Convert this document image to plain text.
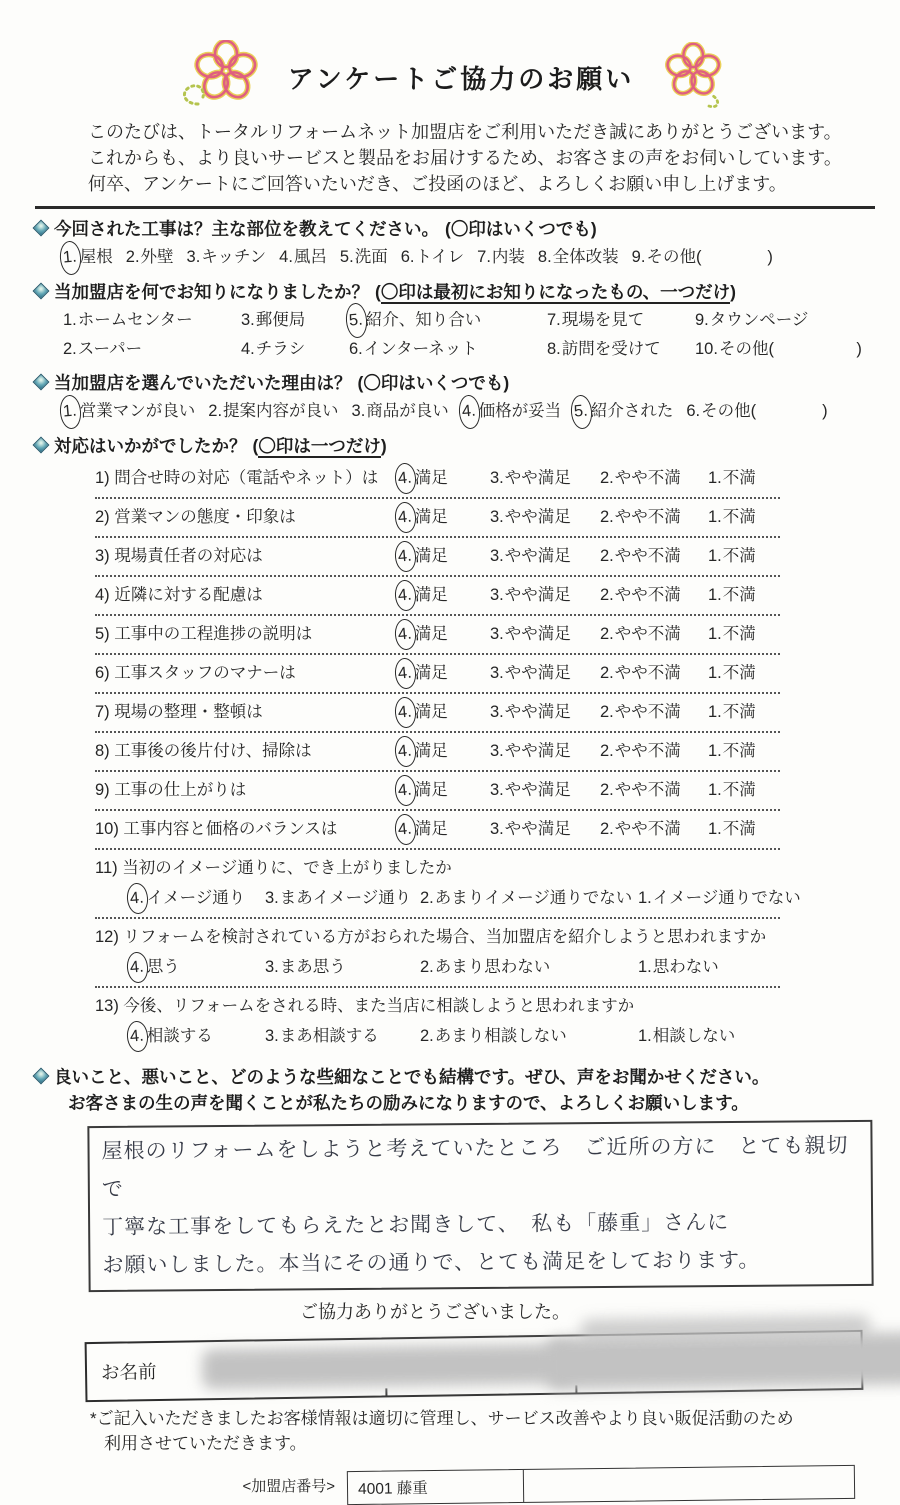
アンケートご協力のお願い

このたびは、トータルリフォームネット加盟店をご利用いただき誠にありがとうございます。

これからも、より良いサービスと製品をお届けするため、お客さまの声をお伺いしています。

何卒、アンケートにご回答いたいだき、ご投函のほど、よろしくお願い申し上げます。

今回された工事は？主な部位を教えてください。 (〇印はいくつでも)
1. 屋根 2.外壁 3.キッチン 4.風呂 5.洗面 6.トイレ 7.内装 8.全体改装 9.その他(　　　　)
当加盟店を何でお知りになりましたか？ (〇印は最初にお知りになったもの、一つだけ)
1.ホームセンター	3.郵便局	5. 紹介、知り合い	7.現場を見て	9.タウンページ
2.スーパー	4.チラシ	6.インターネット	8.訪問を受けて	10.その他(　　　　　)
当加盟店を選んでいただいた理由は？ (〇印はいくつでも)
1. 営業マンが良い 2.提案内容が良い 3.商品が良い 4. 価格が妥当 5. 紹介された 6.その他(　　　　)
対応はいかがでしたか？ (〇印は一つだけ)
1) 問合せ時の対応（電話やネット）は	4. 満足	3.やや満足	2.やや不満	1.不満
2) 営業マンの態度・印象は	4. 満足	3.やや満足	2.やや不満	1.不満
3) 現場責任者の対応は	4. 満足	3.やや満足	2.やや不満	1.不満
4) 近隣に対する配慮は	4. 満足	3.やや満足	2.やや不満	1.不満
5) 工事中の工程進捗の説明は	4. 満足	3.やや満足	2.やや不満	1.不満
6) 工事スタッフのマナーは	4. 満足	3.やや満足	2.やや不満	1.不満
7) 現場の整理・整頓は	4. 満足	3.やや満足	2.やや不満	1.不満
8) 工事後の後片付け、掃除は	4. 満足	3.やや満足	2.やや不満	1.不満
9) 工事の仕上がりは	4. 満足	3.やや満足	2.やや不満	1.不満
10) 工事内容と価格のバランスは	4. 満足	3.やや満足	2.やや不満	1.不満
11) 当初のイメージ通りに、でき上がりましたか
4. イメージ通り	3.まあイメージ通り 2.あまりイメージ通りでない 1.イメージ通りでない
12) リフォームを検討されている方がおられた場合、当加盟店を紹介しようと思われますか
4. 思う	3.まあ思う	2.あまり思わない	1.思わない
13) 今後、リフォームをされる時、また当店に相談しようと思われますか
4. 相談する	3.まあ相談する	2.あまり相談しない	1.相談しない

良いこと、悪いこと、どのような些細なことでも結構です。ぜひ、声をお聞かせください。

お客さまの生の声を聞くことが私たちの励みになりますので、よろしくお願いします。

屋根のリフォームをしようと考えていたところ　ご近所の方に　とても親切で

丁寧な工事をしてもらえたとお聞きして、　私も「藤重」さんに

お願いしました。本当にその通りで、とても満足をしております。

ご協力ありがとうございました。

お名前

*ご記入いただきましたお客様情報は適切に管理し、サービス改善やより良い販促活動のため

利用させていただきます。

<加盟店番号>	4001 藤重
